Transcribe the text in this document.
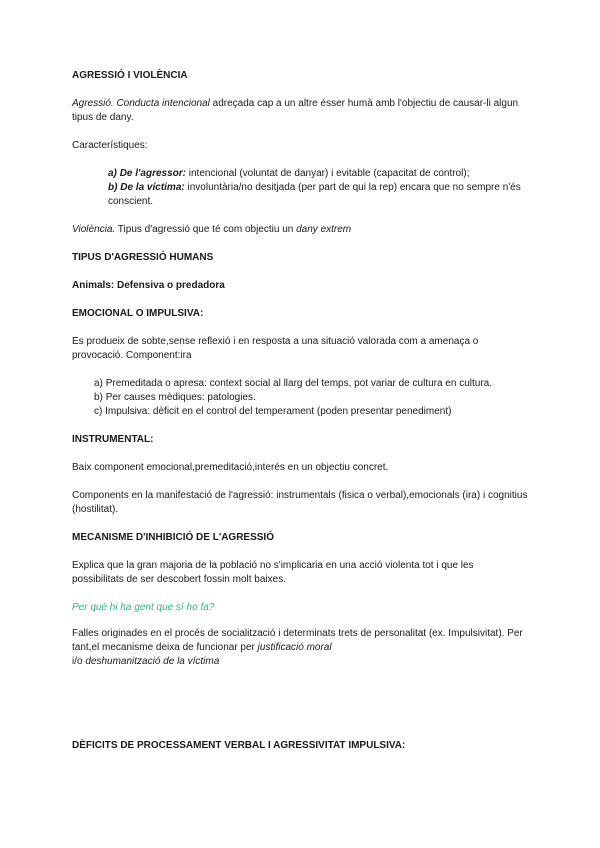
AGRESSIÓ I VIOLÈNCIA

Agressió. Conducta intencional adreçada cap a un altre ésser humà amb l'objectiu de causar-li algun tipus de dany.

Característiques:

a) De l'agressor: intencional (voluntat de danyar) i evitable (capacitat de control);
b) De la víctima: involuntària/no desitjada (per part de qui la rep) encara que no sempre n'és conscient.

Violència. Tipus d'agressió que té com objectiu un dany extrem

TIPUS D'AGRESSIÓ HUMANS
Animals: Defensiva o predadora
EMOCIONAL O IMPULSIVA:

Es produeix de sobte,sense reflexió i en resposta a una situació valorada com a amenaça o provocació. Component:ira

a) Premeditada o apresa: context social al llarg del temps, pot variar de cultura en cultura.
b) Per causes mèdiques: patologies.
c) Impulsiva: dèficit en el control del temperament (poden presentar penediment)
INSTRUMENTAL:

Baix component emocional,premeditació,interés en un objectiu concret.

Components en la manifestació de l'agressió: instrumentals (fisica o verbal),emocionals (ira) i cognitius (hostilitat).

MECANISME D'INHIBICIÓ DE L'AGRESSIÓ

Explica que la gran majoria de la població no s'implicaria en una acció violenta tot i que les possibilitats de ser descobert fossin molt baixes.

Per què hi ha gent que sí ho fa?

Falles originades en el procés de socialització i determinats trets de personalitat (ex. Impulsivitat). Per tant,el mecanisme deixa de funcionar per justificació moral
i/o deshumanització de la víctima

DÈFICITS DE PROCESSAMENT VERBAL I AGRESSIVITAT IMPULSIVA:
